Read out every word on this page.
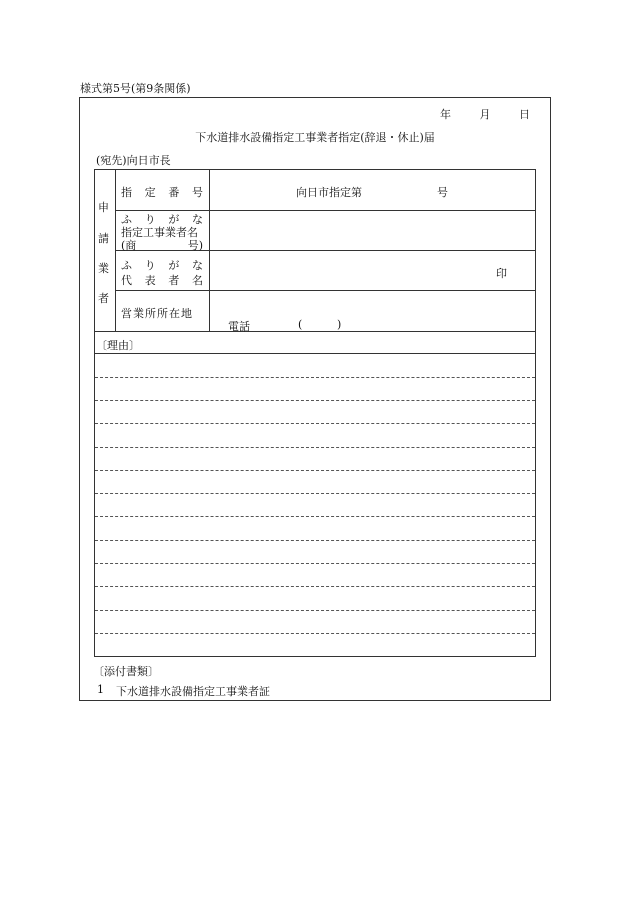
様式第5号(第9条関係)
年	月	日
下水道排水設備指定工事業者指定(辞退・休止)届
(宛先)向日市長
申
請
業
者
指 定 番 号	向日市指定第	号
ふ り が な
指定工事業者名
(商	号)
ふ り が な
代 表 者 名
印
営業所所在地
電話	(	)
〔理由〕
〔添付書類〕
1 下水道排水設備指定工事業者証
